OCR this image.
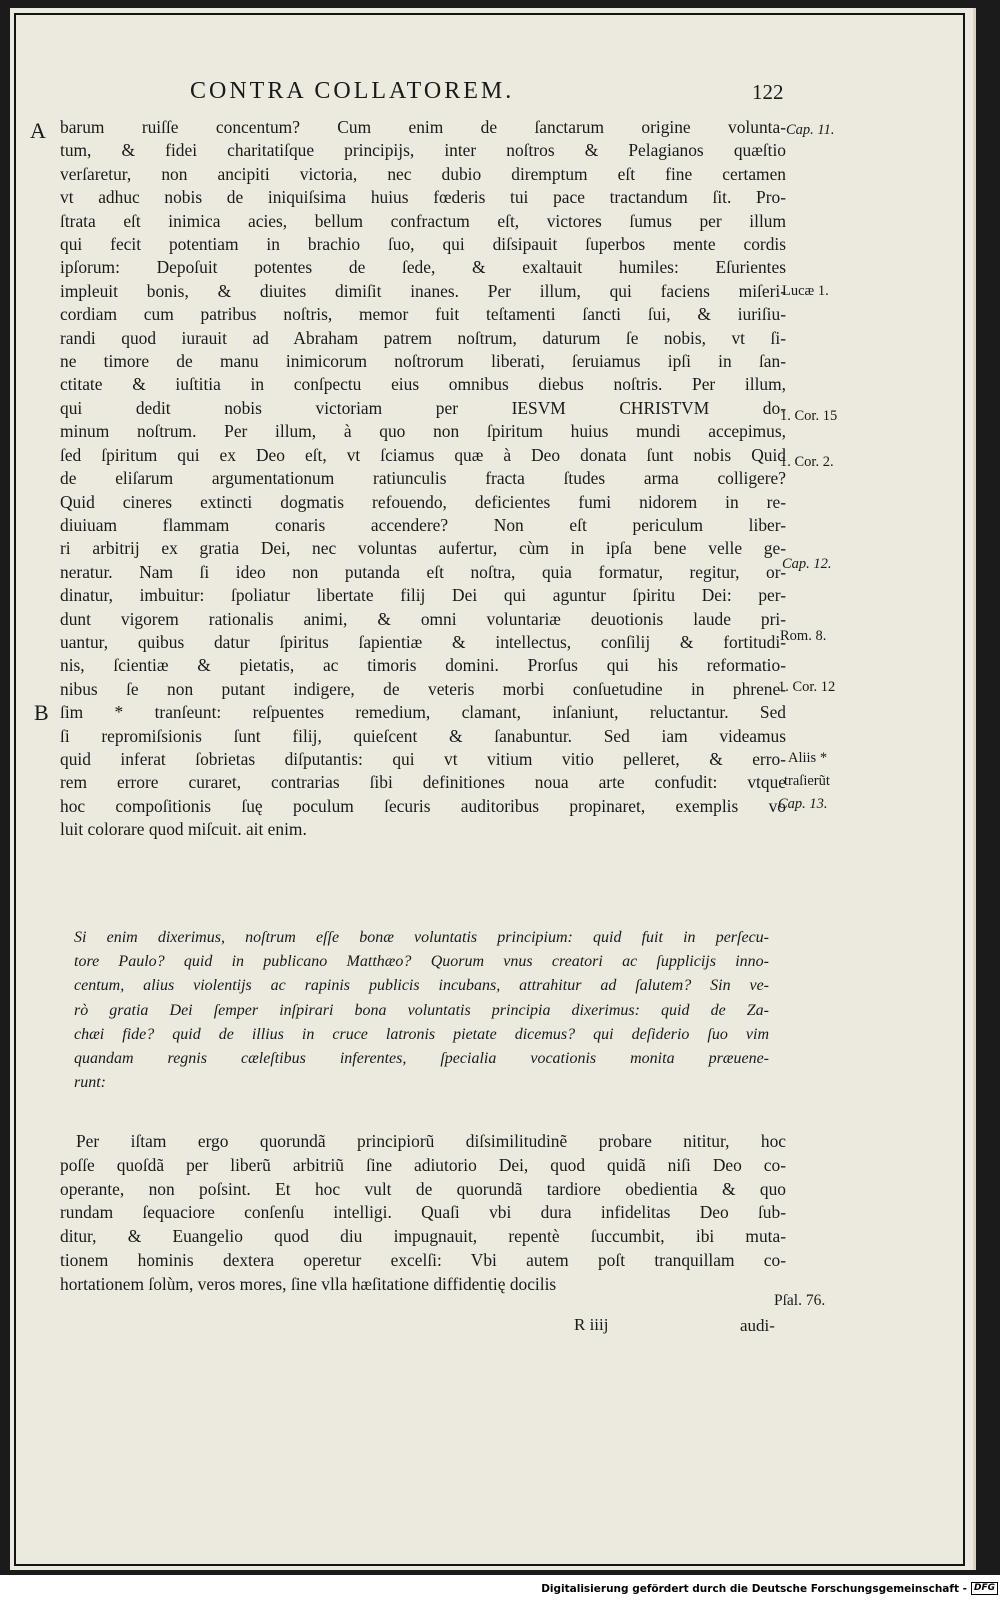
CONTRA COLLATOREM.	122
A
B
barum ruiſſe concentum? Cum enim de ſanctarum origine volunta-
tum, & fidei charitatiſque principijs, inter noſtros & Pelagianos quæſtio
verſaretur, non ancipiti victoria, nec dubio diremptum eſt fine certamen
vt adhuc nobis de iniquiſsima huius fœderis tui pace tractandum ſit. Pro-
ſtrata eſt inimica acies, bellum confractum eſt, victores ſumus per illum
qui fecit potentiam in brachio ſuo, qui diſsipauit ſuperbos mente cordis
ipſorum: Depoſuit potentes de ſede, & exaltauit humiles: Eſurientes
impleuit bonis, & diuites dimiſit inanes. Per illum, qui faciens miſeri-
cordiam cum patribus noſtris, memor fuit teſtamenti ſancti ſui, & iuriſiu-
randi quod iurauit ad Abraham patrem noſtrum, daturum ſe nobis, vt ſi-
ne timore de manu inimicorum noſtrorum liberati, ſeruiamus ipſi in ſan-
ctitate & iuſtitia in conſpectu eius omnibus diebus noſtris. Per illum,
qui dedit nobis victoriam per IESVM CHRISTVM do-
minum noſtrum. Per illum, à quo non ſpiritum huius mundi accepimus,
ſed ſpiritum qui ex Deo eſt, vt ſciamus quæ à Deo donata ſunt nobis Quid
de eliſarum argumentationum ratiunculis fracta ſtudes arma colligere?
Quid cineres extincti dogmatis refouendo, deficientes fumi nidorem in re-
diuiuam flammam conaris accendere? Non eſt periculum liber-
ri arbitrij ex gratia Dei, nec voluntas aufertur, cùm in ipſa bene velle ge-
neratur. Nam ſi ideo non putanda eſt noſtra, quia formatur, regitur, or-
dinatur, imbuitur: ſpoliatur libertate filij Dei qui aguntur ſpiritu Dei: per-
dunt vigorem rationalis animi, & omni voluntariæ deuotionis laude pri-
uantur, quibus datur ſpiritus ſapientiæ & intellectus, conſilij & fortitudi-
nis, ſcientiæ & pietatis, ac timoris domini. Prorſus qui his reformatio-
nibus ſe non putant indigere, de veteris morbi conſuetudine in phrene-
ſim * tranſeunt: reſpuentes remedium, clamant, inſaniunt, reluctantur. Sed
ſi repromiſsionis ſunt filij, quieſcent & ſanabuntur. Sed iam videamus
quid inferat ſobrietas diſputantis: qui vt vitium vitio pelleret, & erro-
rem errore curaret, contrarias ſibi definitiones noua arte confudit: vtque
hoc compoſitionis ſuę poculum ſecuris auditoribus propinaret, exemplis vo
luit colorare quod miſcuit. ait enim.
Si enim dixerimus, noſtrum eſſe bonæ voluntatis principium: quid fuit in perſecu-
tore Paulo? quid in publicano Matthæo? Quorum vnus creatori ac ſupplicijs inno-
centum, alius violentijs ac rapinis publicis incubans, attrahitur ad ſalutem? Sin ve-
rò gratia Dei ſemper inſpirari bona voluntatis principia dixerimus: quid de Za-
chæi fide? quid de illius in cruce latronis pietate dicemus? qui deſiderio ſuo vim
quandam regnis cæleſtibus inferentes, ſpecialia vocationis monita præuene-
runt:
Per iſtam ergo quorundã principiorũ diſsimilitudinẽ probare nititur, hoc
poſſe quoſdã per liberũ arbitriũ ſine adiutorio Dei, quod quidã niſi Deo co-
operante, non poſsint. Et hoc vult de quorundã tardiore obedientia & quo
rundam ſequaciore conſenſu intelligi. Quaſi vbi dura infidelitas Deo ſub-
ditur, & Euangelio quod diu impugnauit, repentè ſuccumbit, ibi muta-
tionem hominis dextera operetur excelſi: Vbi autem poſt tranquillam co-
hortationem ſolùm, veros mores, ſine vlla hæſitatione diffidentię docilis
Cap. 11.
Lucæ 1.
1. Cor. 15
1. Cor. 2.
Cap. 12.
Rom. 8.
1. Cor. 12
Aliis *
traſierũt
Cap. 13.
Pſal. 76.
R iiij	audi-
Digitalisierung gefördert durch die Deutsche Forschungsgemeinschaft - DFG
